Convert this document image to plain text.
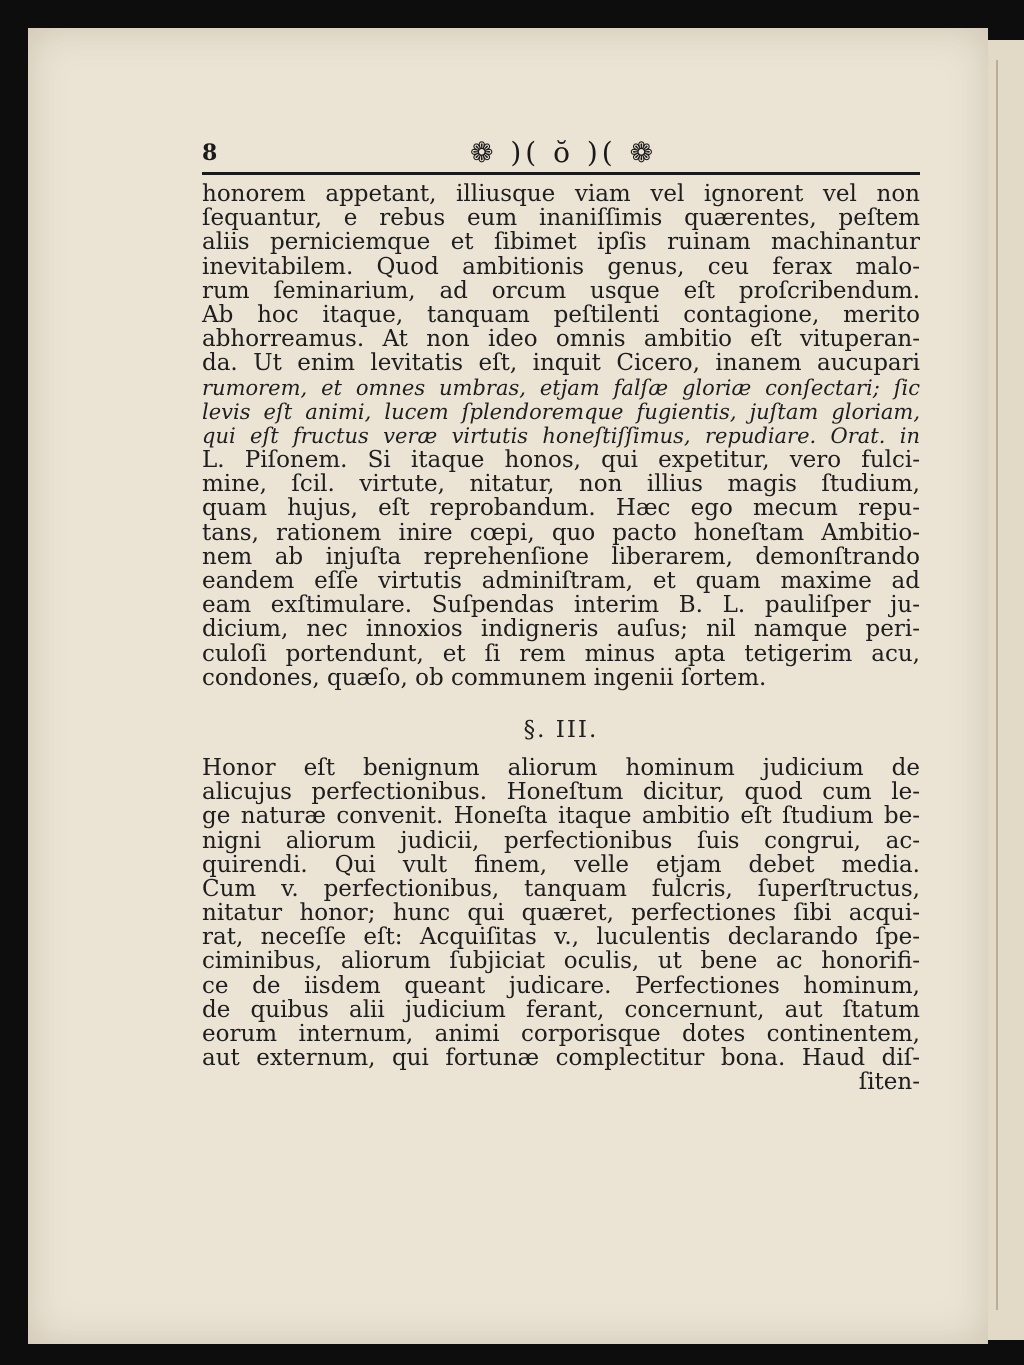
8	❁ )( ŏ )( ❁
honorem appetant, illiusque viam vel ignorent vel non
ſequantur, e rebus eum inaniſſimis quærentes, peſtem
aliis perniciemque et ſibimet ipſis ruinam machinantur
inevitabilem. Quod ambitionis genus, ceu ferax malo-
rum ſeminarium, ad orcum usque eſt proſcribendum.
Ab hoc itaque, tanquam peſtilenti contagione, merito
abhorreamus. At non ideo omnis ambitio eſt vituperan-
da. Ut enim levitatis eſt, inquit Cicero, inanem aucupari
rumorem, et omnes umbras, etjam falſæ gloriæ conſectari; ſic
levis eſt animi, lucem ſplendoremque fugientis, juſtam gloriam,
qui eſt fructus veræ virtutis honeſtiſſimus, repudiare. Orat. in
L. Piſonem. Si itaque honos, qui expetitur, vero fulci-
mine, ſcil. virtute, nitatur, non illius magis ſtudium,
quam hujus, eſt reprobandum. Hæc ego mecum repu-
tans, rationem inire cœpi, quo pacto honeſtam Ambitio-
nem ab injuſta reprehenſione liberarem, demonſtrando
eandem eſſe virtutis adminiſtram, et quam maxime ad
eam exſtimulare. Suſpendas interim B. L. pauliſper ju-
dicium, nec innoxios indigneris auſus; nil namque peri-
culoſi portendunt, et ſi rem minus apta tetigerim acu,
condones, quæſo, ob communem ingenii ſortem.
§. III.
Honor eſt benignum aliorum hominum judicium de
alicujus perfectionibus. Honeſtum dicitur, quod cum le-
ge naturæ convenit. Honeſta itaque ambitio eſt ſtudium be-
nigni aliorum judicii, perfectionibus ſuis congrui, ac-
quirendi. Qui vult finem, velle etjam debet media.
Cum v. perfectionibus, tanquam fulcris, ſuperſtructus,
nitatur honor; hunc qui quæret, perfectiones ſibi acqui-
rat, neceſſe eſt: Acquiſitas v., luculentis declarando ſpe-
ciminibus, aliorum ſubjiciat oculis, ut bene ac honorifi-
ce de iisdem queant judicare. Perfectiones hominum,
de quibus alii judicium ferant, concernunt, aut ſtatum
eorum internum, animi corporisque dotes continentem,
aut externum, qui fortunæ complectitur bona. Haud diſ-
ſiten-
